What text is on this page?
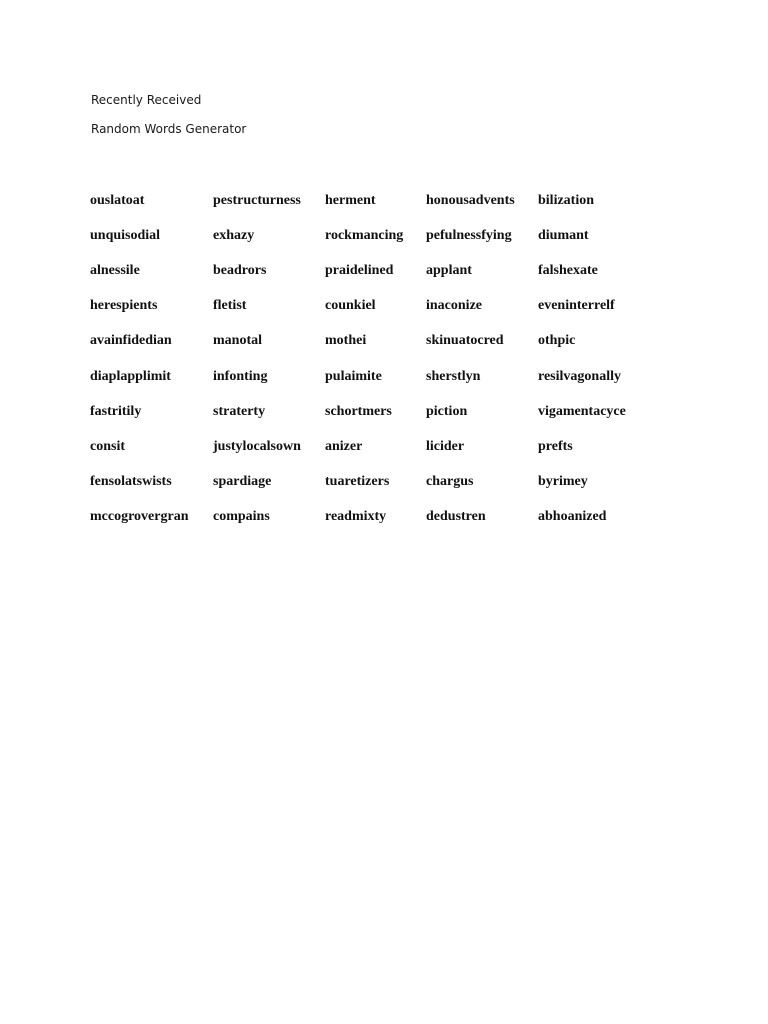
Recently Received
Random Words Generator
ouslatoat	pestructurness	herment	honousadvents	bilization
unquisodial	exhazy	rockmancing	pefulnessfying	diumant
alnessile	beadrors	praidelined	applant	falshexate
herespients	fletist	counkiel	inaconize	eveninterrelf
avainfidedian	manotal	mothei	skinuatocred	othpic
diaplapplimit	infonting	pulaimite	sherstlyn	resilvagonally
fastritily	straterty	schortmers	piction	vigamentacyce
consit	justylocalsown	anizer	licider	prefts
fensolatswists	spardiage	tuaretizers	chargus	byrimey
mccogrovergran	compains	readmixty	dedustren	abhoanized
